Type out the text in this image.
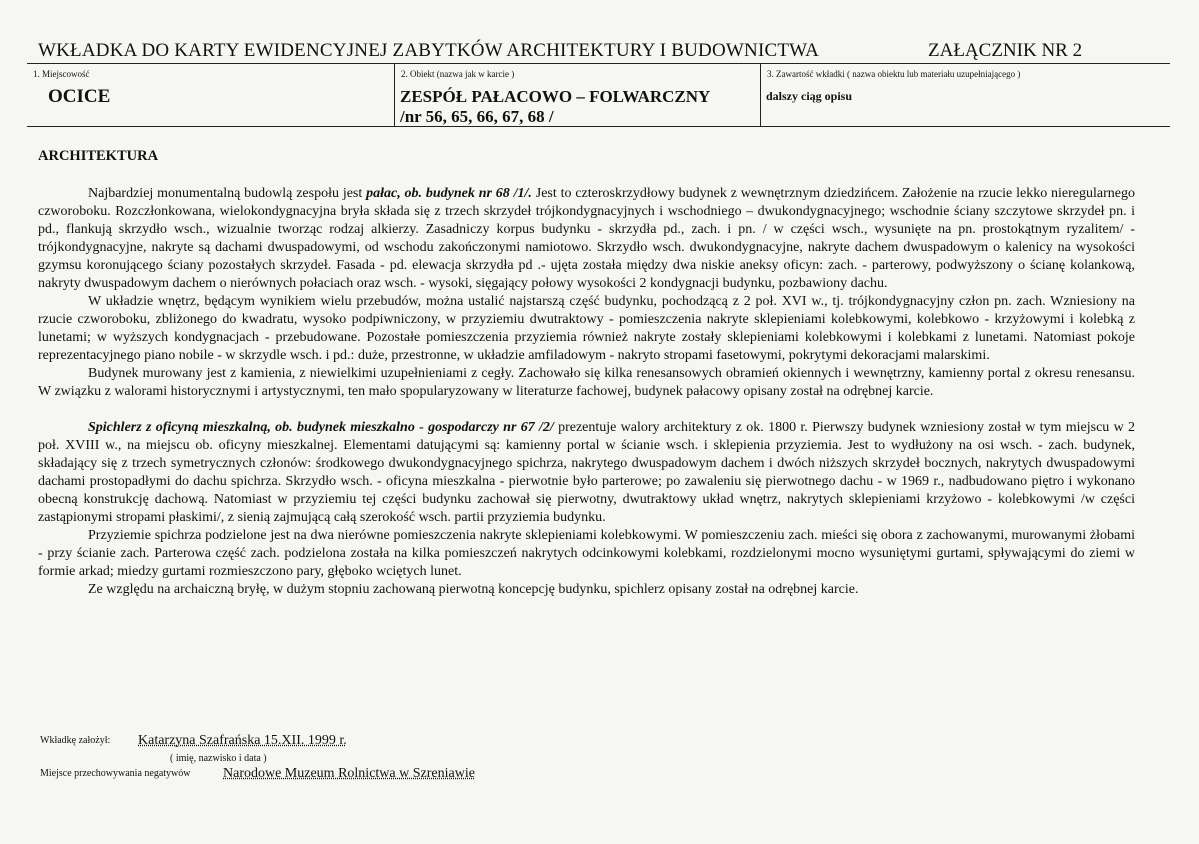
WKŁADKA DO KARTY EWIDENCYJNEJ ZABYTKÓW ARCHITEKTURY I BUDOWNICTWA	ZAŁĄCZNIK NR 2
1. Miejscowość
OCICE
2. Obiekt (nazwa jak w karcie )
ZESPÓŁ PAŁACOWO – FOLWARCZNY
/nr 56, 65, 66, 67, 68 /
3. Zawartość wkładki ( nazwa obiektu lub materiału uzupełniającego )
dalszy ciąg opisu
ARCHITEKTURA

Najbardziej monumentalną budowlą zespołu jest pałac, ob. budynek nr 68 /1/. Jest to czteroskrzydłowy budynek z wewnętrznym dziedzińcem. Założenie na rzucie lekko nieregularnego czworoboku. Rozczłonkowana, wielokondygnacyjna bryła składa się z trzech skrzydeł trójkondygnacyjnych i wschodniego – dwukondygnacyjnego; wschodnie ściany szczytowe skrzydeł pn. i pd., flankują skrzydło wsch., wizualnie tworząc rodzaj alkierzy. Zasadniczy korpus budynku - skrzydła pd., zach. i pn. / w części wsch., wysunięte na pn. prostokątnym ryzalitem/ - trójkondygnacyjne, nakryte są dachami dwuspadowymi, od wschodu zakończonymi namiotowo. Skrzydło wsch. dwukondygnacyjne, nakryte dachem dwuspadowym o kalenicy na wysokości gzymsu koronującego ściany pozostałych skrzydeł. Fasada - pd. elewacja skrzydła pd .- ujęta została między dwa niskie aneksy oficyn: zach. - parterowy, podwyższony o ścianę kolankową, nakryty dwuspadowym dachem o nierównych połaciach oraz wsch. - wysoki, sięgający połowy wysokości 2 kondygnacji budynku, pozbawiony dachu.

W układzie wnętrz, będącym wynikiem wielu przebudów, można ustalić najstarszą część budynku, pochodzącą z 2 poł. XVI w., tj. trójkondygnacyjny człon pn. zach. Wzniesiony na rzucie czworoboku, zbliżonego do kwadratu, wysoko podpiwniczony, w przyziemiu dwutraktowy - pomieszczenia nakryte sklepieniami kolebkowymi, kolebkowo - krzyżowymi i kolebką z lunetami; w wyższych kondygnacjach - przebudowane. Pozostałe pomieszczenia przyziemia również nakryte zostały sklepieniami kolebkowymi i kolebkami z lunetami. Natomiast pokoje reprezentacyjnego piano nobile - w skrzydle wsch. i pd.: duże, przestronne, w układzie amfiladowym - nakryto stropami fasetowymi, pokrytymi dekoracjami malarskimi.

Budynek murowany jest z kamienia, z niewielkimi uzupełnieniami z cegły. Zachowało się kilka renesansowych obramień okiennych i wewnętrzny, kamienny portal z okresu renesansu. W związku z walorami historycznymi i artystycznymi, ten mało spopularyzowany w literaturze fachowej, budynek pałacowy opisany został na odrębnej karcie.

Spichlerz z oficyną mieszkalną, ob. budynek mieszkalno - gospodarczy nr 67 /2/ prezentuje walory architektury z ok. 1800 r. Pierwszy budynek wzniesiony został w tym miejscu w 2 poł. XVIII w., na miejscu ob. oficyny mieszkalnej. Elementami datującymi są: kamienny portal w ścianie wsch. i sklepienia przyziemia. Jest to wydłużony na osi wsch. - zach. budynek, składający się z trzech symetrycznych członów: środkowego dwukondygnacyjnego spichrza, nakrytego dwuspadowym dachem i dwóch niższych skrzydeł bocznych, nakrytych dwuspadowymi dachami prostopadłymi do dachu spichrza. Skrzydło wsch. - oficyna mieszkalna - pierwotnie było parterowe; po zawaleniu się pierwotnego dachu - w 1969 r., nadbudowano piętro i wykonano obecną konstrukcję dachową. Natomiast w przyziemiu tej części budynku zachował się pierwotny, dwutraktowy układ wnętrz, nakrytych sklepieniami krzyżowo - kolebkowymi /w części zastąpionymi stropami płaskimi/, z sienią zajmującą całą szerokość wsch. partii przyziemia budynku.

Przyziemie spichrza podzielone jest na dwa nierówne pomieszczenia nakryte sklepieniami kolebkowymi. W pomieszczeniu zach. mieści się obora z zachowanymi, murowanymi żłobami - przy ścianie zach. Parterowa część zach. podzielona została na kilka pomieszczeń nakrytych odcinkowymi kolebkami, rozdzielonymi mocno wysuniętymi gurtami, spływającymi do ziemi w formie arkad; miedzy gurtami rozmieszczono pary, głęboko wciętych lunet.

Ze względu na archaiczną bryłę, w dużym stopniu zachowaną pierwotną koncepcję budynku, spichlerz opisany został na odrębnej karcie.

Wkładkę założył: Katarzyna Szafrańska 15.XII. 1999 r.
( imię, nazwisko i data )
Miejsce przechowywania negatywów Narodowe Muzeum Rolnictwa w Szreniawie
